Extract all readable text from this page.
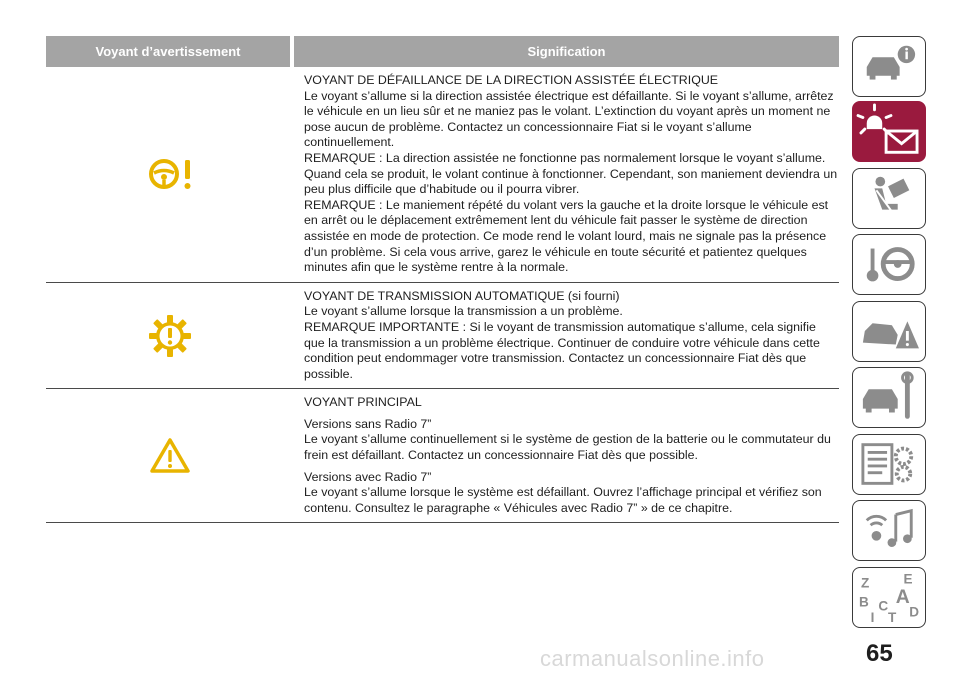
Voyant d’avertissement	Signification

VOYANT DE DÉFAILLANCE DE LA DIRECTION ASSISTÉE ÉLECTRIQUE

Le voyant s’allume si la direction assistée électrique est défaillante. Si le voyant s’allume, arrêtez le véhicule en un lieu sûr et ne maniez pas le volant. L’extinction du voyant après un moment ne pose aucun de problème. Contactez un concessionnaire Fiat si le voyant s’allume continuellement.

REMARQUE : La direction assistée ne fonctionne pas normalement lorsque le voyant s’allume. Quand cela se produit, le volant continue à fonctionner. Cependant, son maniement deviendra un peu plus difficile que d’habitude ou il pourra vibrer.

REMARQUE : Le maniement répété du volant vers la gauche et la droite lorsque le véhicule est en arrêt ou le déplacement extrêmement lent du véhicule fait passer le système de direction assistée en mode de protection. Ce mode rend le volant lourd, mais ne signale pas la présence d’un problème. Si cela vous arrive, garez le véhicule en toute sécurité et patientez quelques minutes afin que le système rentre à la normale.

VOYANT DE TRANSMISSION AUTOMATIQUE (si fourni)

Le voyant s’allume lorsque la transmission a un problème.

REMARQUE IMPORTANTE : Si le voyant de transmission automatique s’allume, cela signifie que la transmission a un problème électrique. Continuer de conduire votre véhicule dans cette condition peut endommager votre transmission. Contactez un concessionnaire Fiat dès que possible.

VOYANT PRINCIPAL

Versions sans Radio 7”

Le voyant s’allume continuellement si le système de gestion de la batterie ou le commutateur du frein est défaillant. Contactez un concessionnaire Fiat dès que possible.

Versions avec Radio 7”

Le voyant s’allume lorsque le système est défaillant. Ouvrez l’affichage principal et vérifiez son contenu. Consultez le paragraphe « Véhicules avec Radio 7” » de ce chapitre.

Z E
B A
C
T D
I
carmanualsonline.info	65
